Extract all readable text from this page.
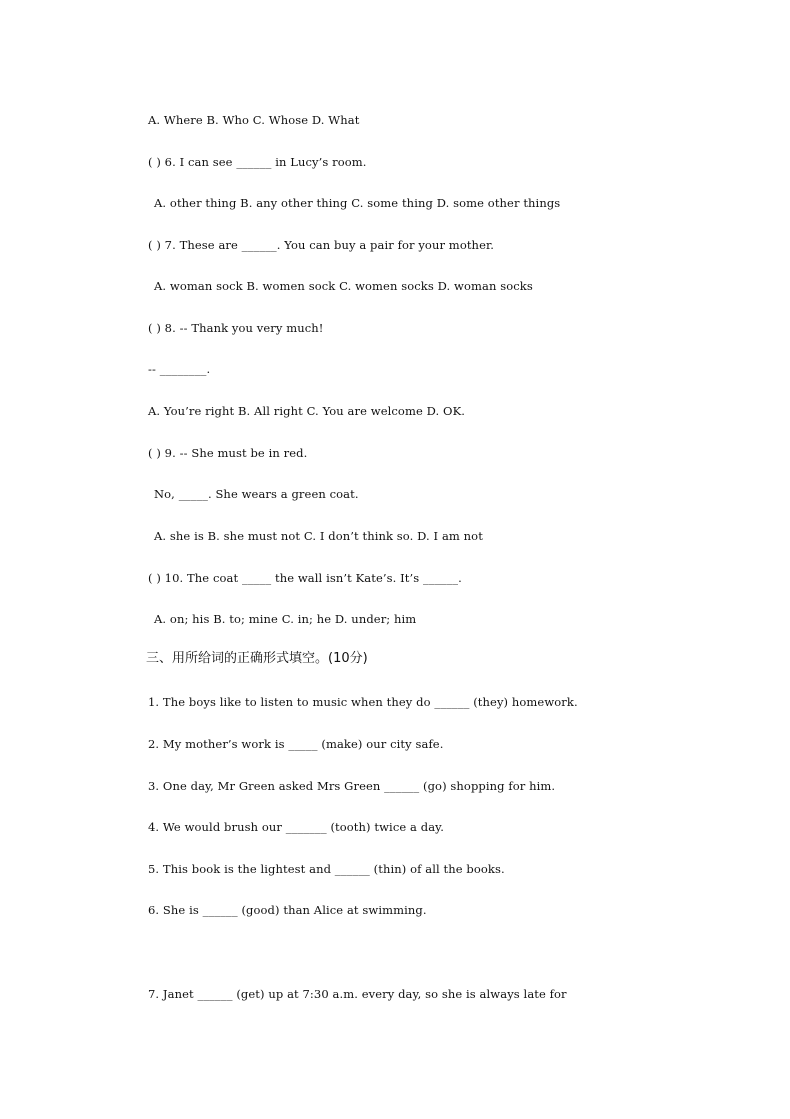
A. Where B. Who C. Whose D. What
( ) 6. I can see ______ in Lucy’s room.
A. other thing B. any other thing C. some thing D. some other things
( ) 7. These are ______. You can buy a pair for your mother.
A. woman sock B. women sock C. women socks D. woman socks
( ) 8. -- Thank you very much!
-- ________.
A. You’re right B. All right C. You are welcome D. OK.
( ) 9. -- She must be in red.
No, _____. She wears a green coat.
A. she is B. she must not C. I don’t think so. D. I am not
( ) 10. The coat _____ the wall isn’t Kate’s. It’s ______.
A. on; his B. to; mine C. in; he D. under; him
三、用所给词的正确形式填空。(10分)
1. The boys like to listen to music when they do ______ (they) homework.
2. My mother’s work is _____ (make) our city safe.
3. One day, Mr Green asked Mrs Green ______ (go) shopping for him.
4. We would brush our _______ (tooth) twice a day.
5. This book is the lightest and ______ (thin) of all the books.
6. She is ______ (good) than Alice at swimming.
7. Janet ______ (get) up at 7:30 a.m. every day, so she is always late for
